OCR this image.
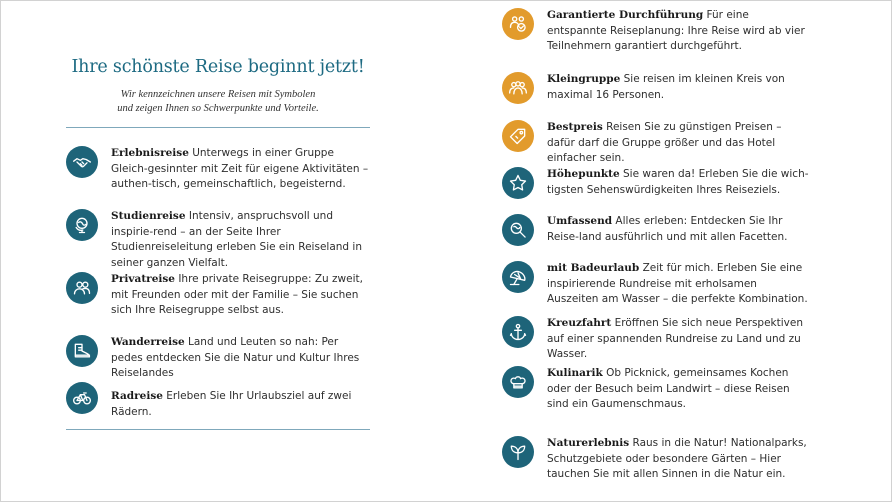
Ihre schönste Reise beginnt jetzt!
Wir kennzeichnen unsere Reisen mit Symbolen
und zeigen Ihnen so Schwerpunkte und Vorteile.
Erlebnisreise Unterwegs in einer Gruppe Gleich-gesinnter mit Zeit für eigene Aktivitäten – authen-tisch, gemeinschaftlich, begeisternd.
Studienreise Intensiv, anspruchsvoll und inspirie-rend – an der Seite Ihrer Studienreiseleitung erleben Sie ein Reiseland in seiner ganzen Vielfalt.
Privatreise Ihre private Reisegruppe: Zu zweit, mit Freunden oder mit der Familie – Sie suchen sich Ihre Reisegruppe selbst aus.
Wanderreise Land und Leuten so nah: Per pedes entdecken Sie die Natur und Kultur Ihres Reiselandes
Radreise Erleben Sie Ihr Urlaubsziel auf zwei Rädern.
Garantierte Durchführung Für eine entspannte Reiseplanung: Ihre Reise wird ab vier Teilnehmern garantiert durchgeführt.
Kleingruppe Sie reisen im kleinen Kreis von maximal 16 Personen.
Bestpreis Reisen Sie zu günstigen Preisen – dafür darf die Gruppe größer und das Hotel einfacher sein.
Höhepunkte Sie waren da! Erleben Sie die wich-tigsten Sehenswürdigkeiten Ihres Reiseziels.
Umfassend Alles erleben: Entdecken Sie Ihr Reise-land ausführlich und mit allen Facetten.
mit Badeurlaub Zeit für mich. Erleben Sie eine inspirierende Rundreise mit erholsamen Auszeiten am Wasser – die perfekte Kombination.
Kreuzfahrt Eröffnen Sie sich neue Perspektiven auf einer spannenden Rundreise zu Land und zu Wasser.
Kulinarik Ob Picknick, gemeinsames Kochen oder der Besuch beim Landwirt – diese Reisen sind ein Gaumenschmaus.
Naturerlebnis Raus in die Natur! Nationalparks, Schutzgebiete oder besondere Gärten – Hier tauchen Sie mit allen Sinnen in die Natur ein.
